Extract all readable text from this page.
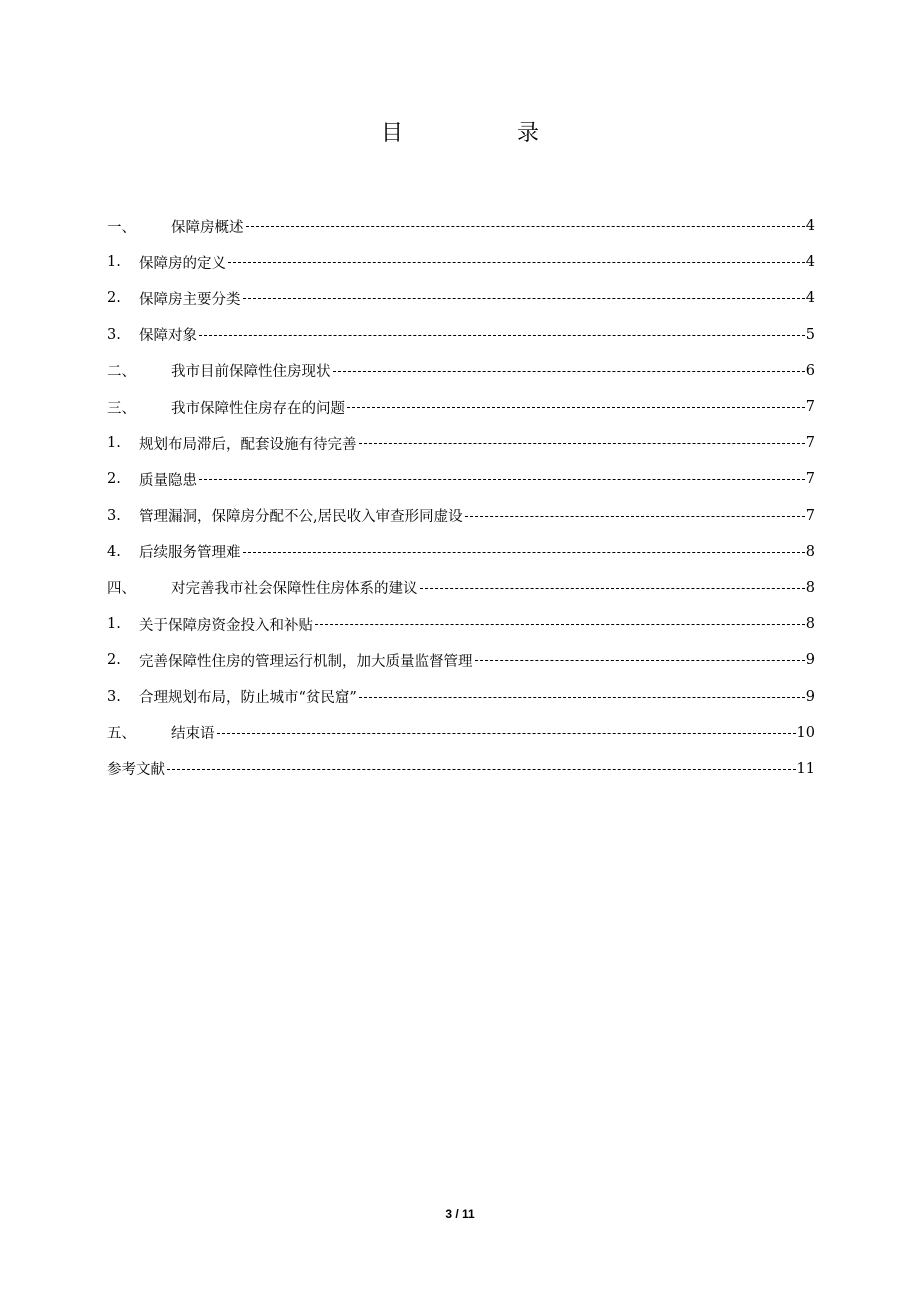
目　录
一、	保障房概述	4
1.	保障房的定义	4
2.	保障房主要分类	4
3.	保障对象	5
二、	我市目前保障性住房现状	6
三、	我市保障性住房存在的问题	7
1.	规划布局滞后，配套设施有待完善	7
2.	质量隐患	7
3.	管理漏洞，保障房分配不公,居民收入审查形同虚设	7
4.	后续服务管理难	8
四、	对完善我市社会保障性住房体系的建议	8
1.	关于保障房资金投入和补贴	8
2.	完善保障性住房的管理运行机制，加大质量监督管理	9
3.	合理规划布局，防止城市“贫民窟”	9
五、	结束语	10
参考文献	11
3 / 11
